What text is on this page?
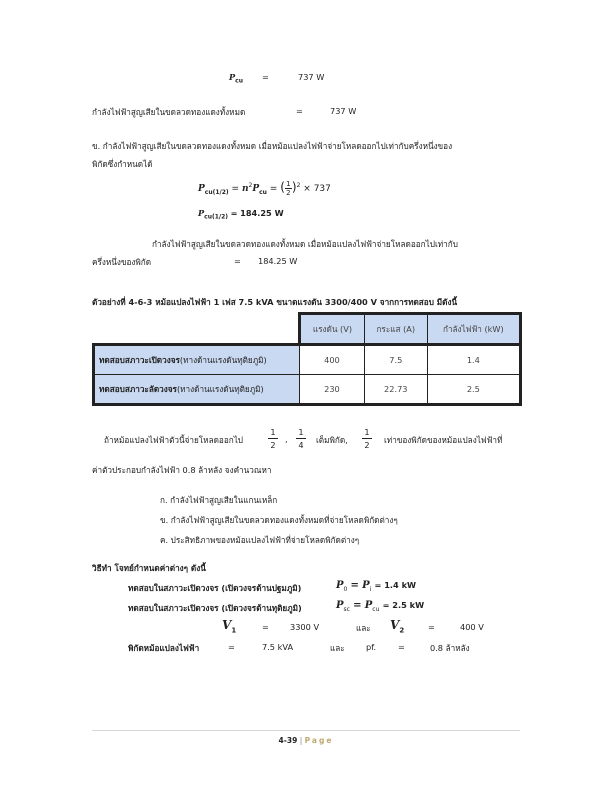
$P_{cu}$ =	737 W
กำลังไฟฟ้าสูญเสียในขดลวดทองแดงทั้งหมด	=	737 W
ข. กำลังไฟฟ้าสูญเสียในขดลวดทองแดงทั้งหมด เมื่อหม้อแปลงไฟฟ้าจ่ายโหลดออกไปเท่ากับครึ่งหนึ่งของ
พิกัดซึ่งกำหนดได้
$P_{cu(1/2)} = n^2P_{cu} = (\frac{1}{2})^2 \times 737$
$P_{cu(1/2)} = 184.25$ W
กำลังไฟฟ้าสูญเสียในขดลวดทองแดงทั้งหมด เมื่อหม้อแปลงไฟฟ้าจ่ายโหลดออกไปเท่ากับ
ครึ่งหนึ่งของพิกัด	= 184.25 W
ตัวอย่างที่ 4-6-3 หม้อแปลงไฟฟ้า 1 เฟส 7.5 kVA ขนาดแรงดัน 3300/400 V จากการทดสอบ มีดังนี้
	แรงดัน (V)	กระแส (A)	กำลังไฟฟ้า (kW)
ทดสอบสภาวะเปิดวงจร(ทางด้านแรงดันทุติยภูมิ)	400	7.5	1.4
ทดสอบสภาวะลัดวงจร(ทางด้านแรงดันทุติยภูมิ)	230	22.73	2.5
ถ้าหม้อแปลงไฟฟ้าตัวนี้จ่ายโหลดออกไป
1
2
,
1
4 เต็มพิกัด,
1
2 เท่าของพิกัดของหม้อแปลงไฟฟ้าที่
ค่าตัวประกอบกำลังไฟฟ้า 0.8 ล้าหลัง จงคำนวณหา
ก. กำลังไฟฟ้าสูญเสียในแกนเหล็ก
ข. กำลังไฟฟ้าสูญเสียในขดลวดทองแดงทั้งหมดที่จ่ายโหลดพิกัดต่างๆ
ค. ประสิทธิภาพของหม้อแปลงไฟฟ้าที่จ่ายโหลดพิกัดต่างๆ
วิธีทำ โจทย์กำหนดค่าต่างๆ ดังนี้
ทดสอบในสภาวะเปิดวงจร (เปิดวงจรด้านปฐมภูมิ)	$P_0 = P_i = 1.4$ kW
ทดสอบในสภาวะเปิดวงจร (เปิดวงจรด้านทุติยภูมิ)	$P_{sc} = P_{cu} = 2.5$ kW
$V_1$	=	3300 V	และ $V_2$	=	400 V
พิกัดหม้อแปลงไฟฟ้า	=	7.5 kVA	และ	pf.	=	0.8 ล้าหลัง
4-39 | Page
